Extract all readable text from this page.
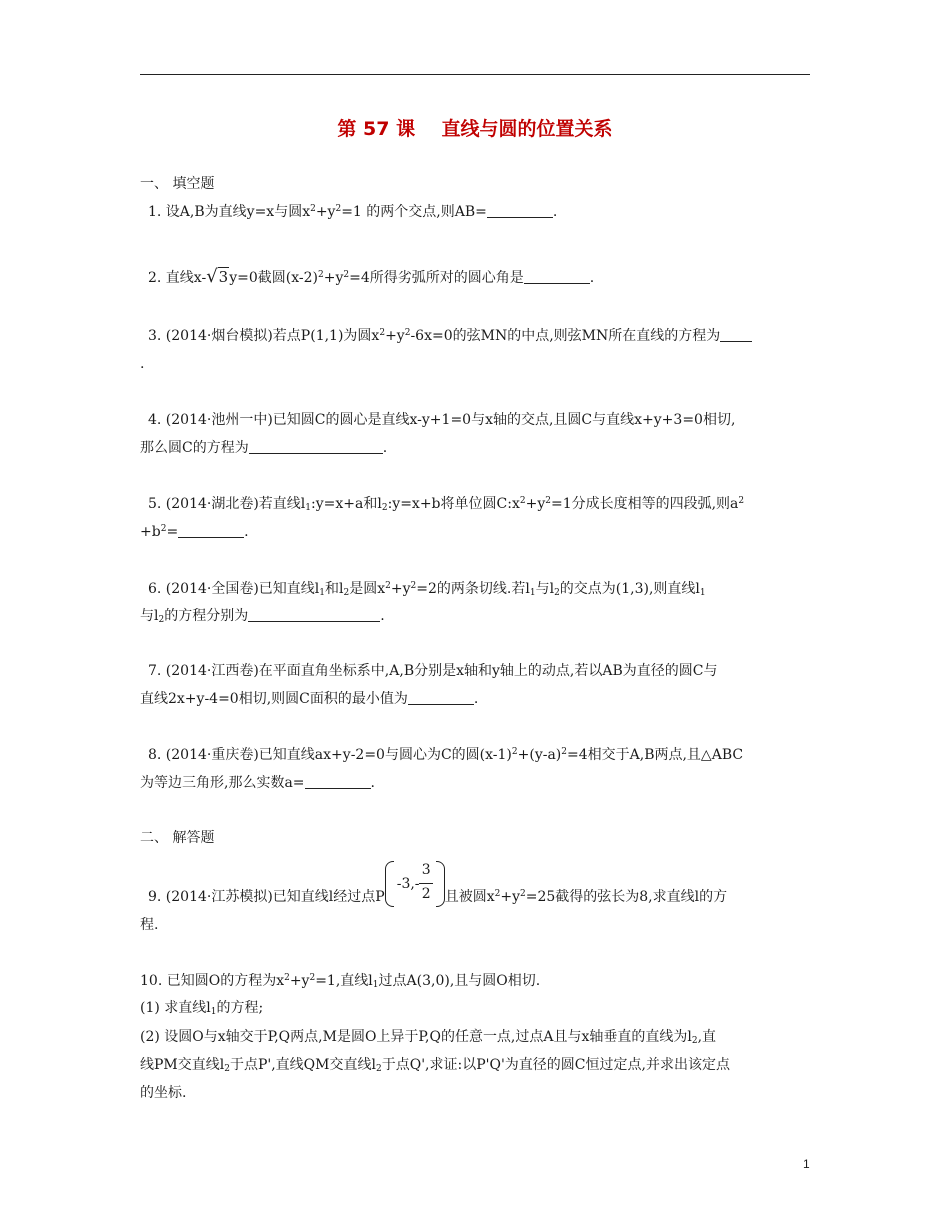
第 57 课    直线与圆的位置关系
一、 填空题
1. 设A,B为直线y=x与圆$x^2+y^2=1$ 的两个交点,则AB=	.
2. 直线x-√3y=0截圆$(x-2)^2+y^2=4$所得劣弧所对的圆心角是	.
3. (2014·烟台模拟)若点P(1,1)为圆$x^2+y^2-6x=0$的弦MN的中点,则弦MN所在直线的方程为
.
4. (2014·池州一中)已知圆C的圆心是直线x-y+1=0与x轴的交点,且圆C与直线x+y+3=0相切,
那么圆C的方程为	.
5. (2014·湖北卷)若直线$l_1:y=x+a$和$l_2:y=x+b$将单位圆$C:x^2+y^2=1$分成长度相等的四段弧,则$a^2$
$+b^2=$	.
6. (2014·全国卷)已知直线$l_1$和$l_2$是圆$x^2+y^2=2$的两条切线.若$l_1$与$l_2$的交点为(1,3),则直线$l_1$
与$l_2$的方程分别为	.
7. (2014·江西卷)在平面直角坐标系中,A,B分别是x轴和y轴上的动点,若以AB为直径的圆C与
直线2x+y-4=0相切,则圆C面积的最小值为	.
8. (2014·重庆卷)已知直线ax+y-2=0与圆心为C的圆$(x-1)^2+(y-a)^2=4$相交于A,B两点,且△ABC
为等边三角形,那么实数a=	.
二、 解答题
9. (2014·江苏模拟)已知直线l经过点P
-3,-
3
2 且被圆$x^2+y^2=25$截得的弦长为8,求直线l的方
程.
10. 已知圆O的方程为$x^2+y^2=1$,直线$l_1$过点A(3,0),且与圆O相切.
(1) 求直线$l_1$的方程;
(2) 设圆O与x轴交于P,Q两点,M是圆O上异于P,Q的任意一点,过点A且与x轴垂直的直线为$l_2$,直
线PM交直线$l_2$于点P',直线QM交直线$l_2$于点Q',求证:以P'Q'为直径的圆C恒过定点,并求出该定点
的坐标.
1
